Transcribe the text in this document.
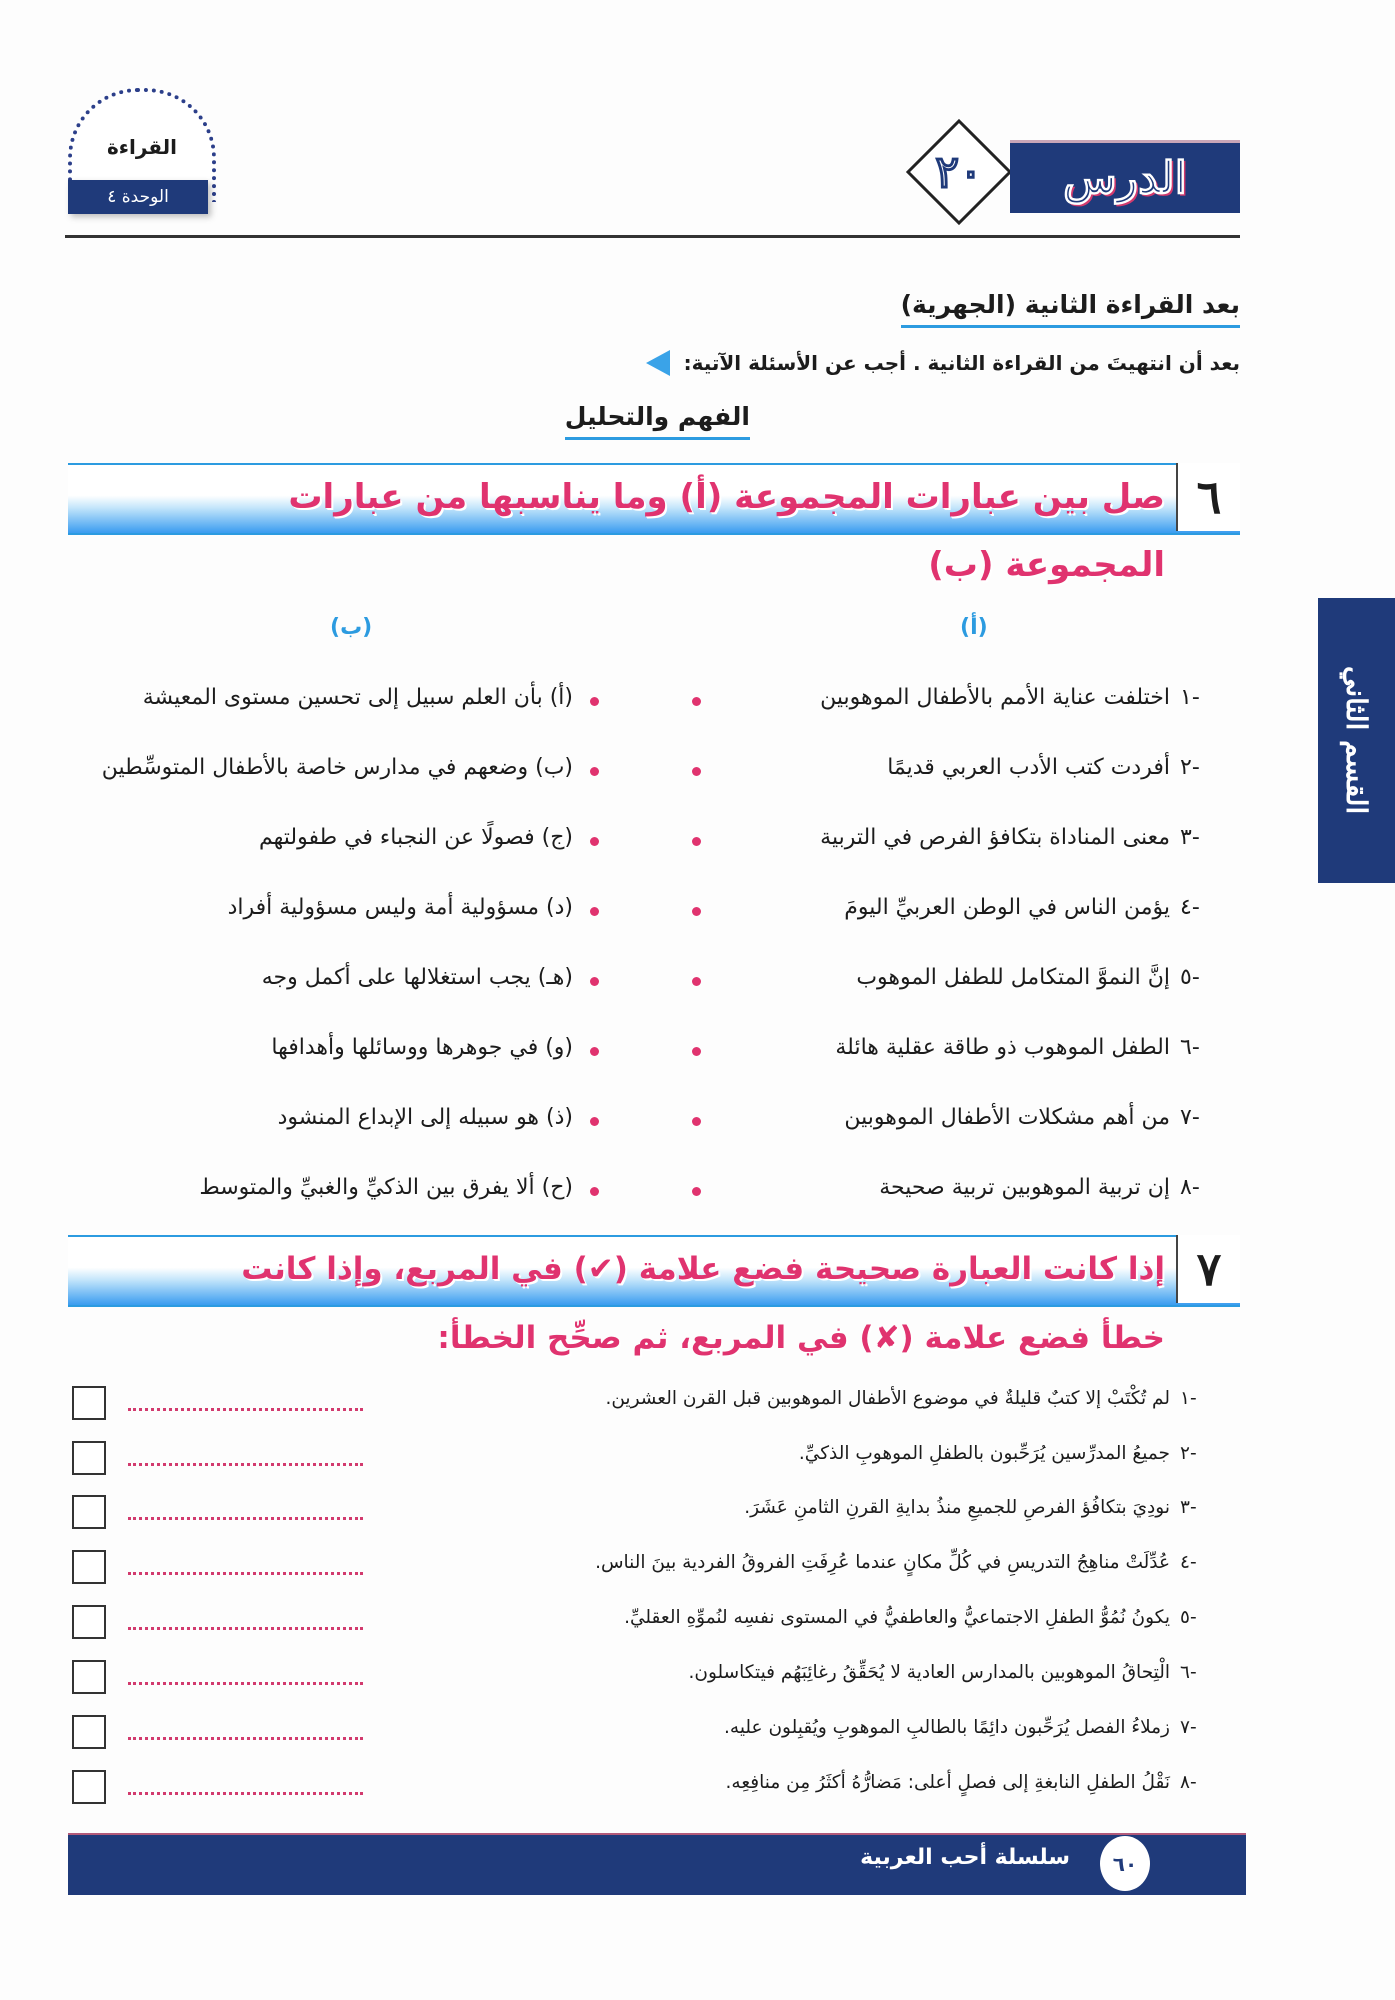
القراءة
الوحدة ٤	٢٠	الدرس
بعد القراءة الثانية (الجهرية)
بعد أن انتهيتَ من القراءة الثانية . أجب عن الأسئلة الآتية:
الفهم والتحليل
٦
صل بين عبارات المجموعة (أ) وما يناسبها من عبارات
المجموعة (ب)
(أ)
(ب)
١-
اختلفت عناية الأمم بالأطفال الموهوبين
٢-
أفردت كتب الأدب العربي قديمًا
٣-
معنى المناداة بتكافؤ الفرص في التربية
٤-
يؤمن الناس في الوطن العربيِّ اليومَ
٥-
إنَّ النموَّ المتكامل للطفل الموهوب
٦-
الطفل الموهوب ذو طاقة عقلية هائلة
٧-
من أهم مشكلات الأطفال الموهوبين
٨-
إن تربية الموهوبين تربية صحيحة
(أ) بأن العلم سبيل إلى تحسين مستوى المعيشة
(ب) وضعهم في مدارس خاصة بالأطفال المتوسِّطين
(ج) فصولًا عن النجباء في طفولتهم
(د) مسؤولية أمة وليس مسؤولية أفراد
(هـ) يجب استغلالها على أكمل وجه
(و) في جوهرها ووسائلها وأهدافها
(ذ) هو سبيله إلى الإبداع المنشود
(ح) ألا يفرق بين الذكيِّ والغبيِّ والمتوسط
٧
إذا كانت العبارة صحيحة فضع علامة (✔) في المربع، وإذا كانت
خطأ فضع علامة (✘) في المربع، ثم صحِّح الخطأ:
١-
لم تُكْتَبْ إلا كتبٌ قليلةٌ في موضوع الأطفال الموهوبين قبل القرن العشرين.
٢-
جميعُ المدرِّسين يُرَحِّبون بالطفلِ الموهوبِ الذكيِّ.
٣-
نودِيَ بتكافُؤ الفرصِ للجميعِ منذُ بدايةِ القرنِ الثامنِ عَشَرَ.
٤-
عُدِّلَتْ مناهِجُ التدريسِ في كُلِّ مكانٍ عندما عُرِفَتِ الفروقُ الفردية بينَ الناس.
٥-
يكونُ نُمُوُّ الطفلِ الاجتماعيُّ والعاطفيُّ في المستوى نفسِه لنُموِّهِ العقليِّ.
٦-
الْتِحاقُ الموهوبين بالمدارس العادية لا يُحَقِّقُ رغائِبَهُم فيتكاسلون.
٧-
زملاءُ الفصل يُرَحِّبون دائِمًا بالطالبِ الموهوبِ ويُقبِلون عليه.
٨-
نَقْلُ الطفلِ النابغةِ إلى فصلٍ أعلى: مَضارُّهُ أكثَرُ مِن منافِعِه.
القسم الثاني
٦٠
سلسلة أحب العربية
